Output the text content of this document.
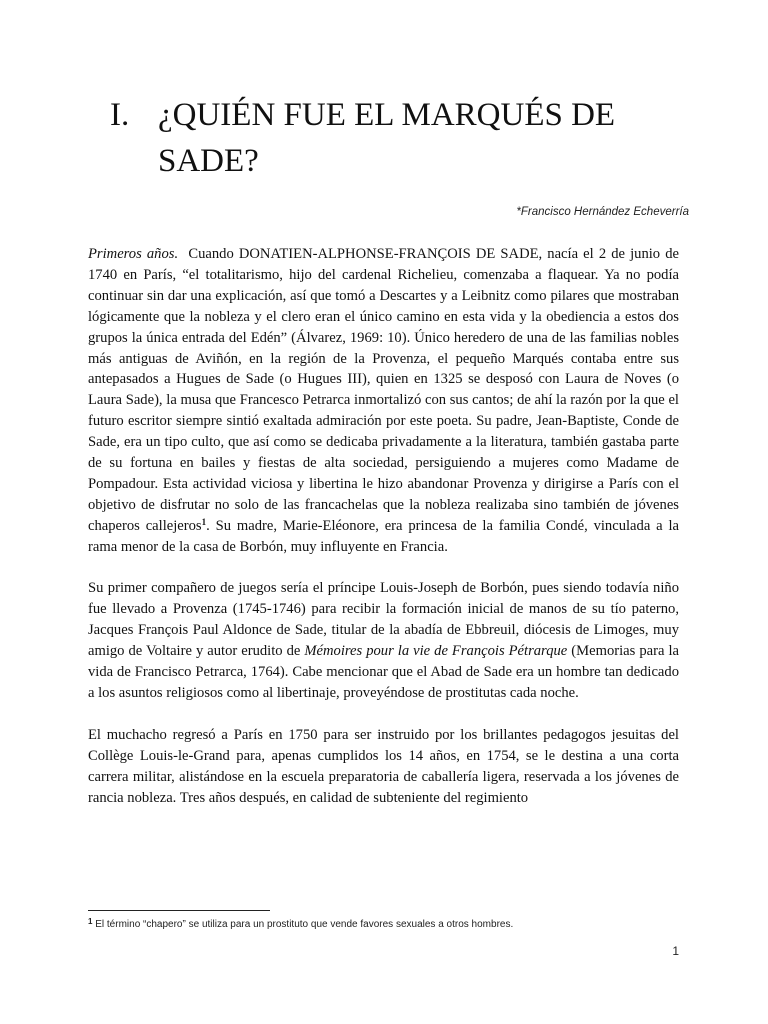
I. ¿QUIÉN FUE EL MARQUÉS DE SADE?
*Francisco Hernández Echeverría

Primeros años. Cuando DONATIEN-ALPHONSE-FRANÇOIS DE SADE, nacía el 2 de junio de 1740 en París, “el totalitarismo, hijo del cardenal Richelieu, comenzaba a flaquear. Ya no podía continuar sin dar una explicación, así que tomó a Descartes y a Leibnitz como pilares que mostraban lógicamente que la nobleza y el clero eran el único camino en esta vida y la obediencia a estos dos grupos la única entrada del Edén” (Álvarez, 1969: 10). Único heredero de una de las familias nobles más antiguas de Aviñón, en la región de la Provenza, el pequeño Marqués contaba entre sus antepasados a Hugues de Sade (o Hugues III), quien en 1325 se desposó con Laura de Noves (o Laura Sade), la musa que Francesco Petrarca inmortalizó con sus cantos; de ahí la razón por la que el futuro escritor siempre sintió exaltada admiración por este poeta. Su padre, Jean-Baptiste, Conde de Sade, era un tipo culto, que así como se dedicaba privadamente a la literatura, también gastaba parte de su fortuna en bailes y fiestas de alta sociedad, persiguiendo a mujeres como Madame de Pompadour. Esta actividad viciosa y libertina le hizo abandonar Provenza y dirigirse a París con el objetivo de disfrutar no solo de las francachelas que la nobleza realizaba sino también de jóvenes chaperos callejeros$^1$. Su madre, Marie-Eléonore, era princesa de la familia Condé, vinculada a la rama menor de la casa de Borbón, muy influyente en Francia.

Su primer compañero de juegos sería el príncipe Louis-Joseph de Borbón, pues siendo todavía niño fue llevado a Provenza (1745-1746) para recibir la formación inicial de manos de su tío paterno, Jacques François Paul Aldonce de Sade, titular de la abadía de Ebbreuil, diócesis de Limoges, muy amigo de Voltaire y autor erudito de Mémoires pour la vie de François Pétrarque (Memorias para la vida de Francisco Petrarca, 1764). Cabe mencionar que el Abad de Sade era un hombre tan dedicado a los asuntos religiosos como al libertinaje, proveyéndose de prostitutas cada noche.

El muchacho regresó a París en 1750 para ser instruido por los brillantes pedagogos jesuitas del Collège Louis-le-Grand para, apenas cumplidos los 14 años, en 1754, se le destina a una corta carrera militar, alistándose en la escuela preparatoria de caballería ligera, reservada a los jóvenes de rancia nobleza. Tres años después, en calidad de subteniente del regimiento

$^1$ El término “chapero” se utiliza para un prostituto que vende favores sexuales a otros hombres.
1
